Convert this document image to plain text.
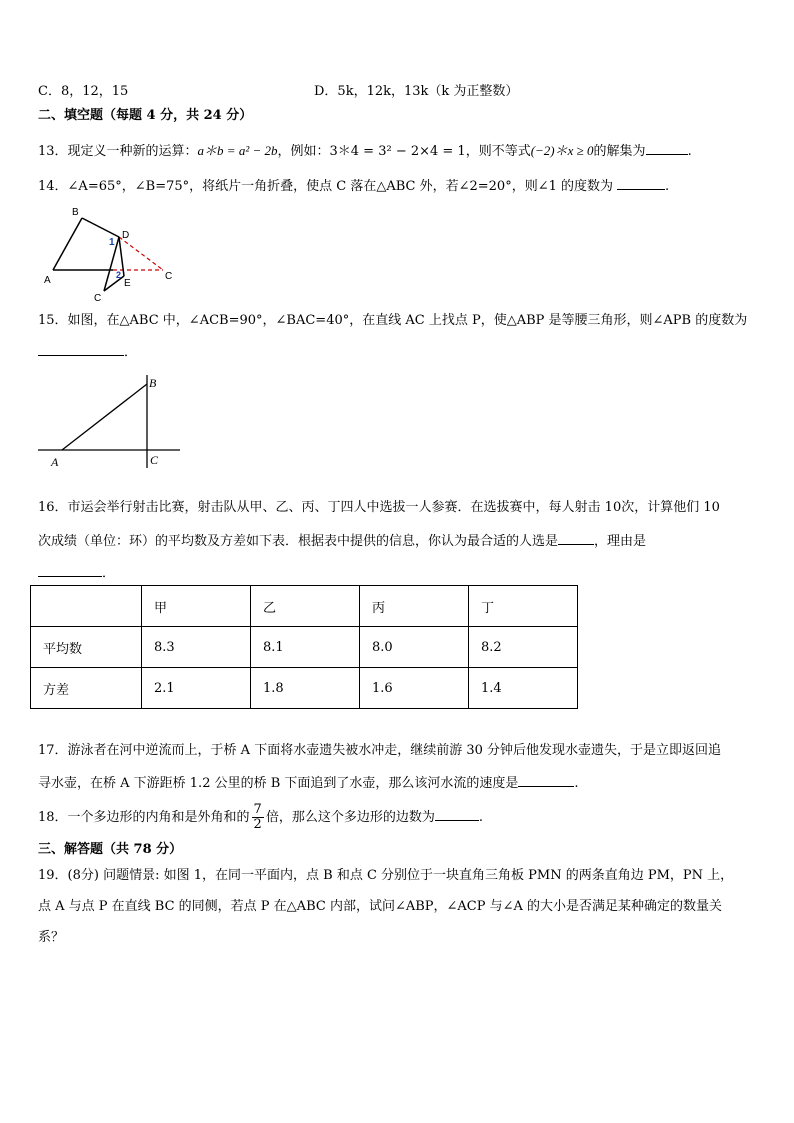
C．8，12，15	D．5k，12k，13k（k 为正整数）
二、填空题（每题 4 分，共 24 分）
13．现定义一种新的运算：a＊b = a² − 2b，例如：3＊4 = 3² − 2×4 = 1，则不等式(−2)＊x ≥ 0的解集为	.
14．∠A=65°，∠B=75°，将纸片一角折叠，使点 C 落在△ABC 外，若∠2=20°，则∠1 的度数为	.
B
D
1
2
A	E
C
C
15．如图，在△ABC 中，∠ACB=90°，∠BAC=40°，在直线 AC 上找点 P，使△ABP 是等腰三角形，则∠APB 的度数为
．
B
A	C
16．市运会举行射击比赛，射击队从甲、乙、丙、丁四人中选拔一人参赛．在选拔赛中，每人射击 10次，计算他们 10
次成绩（单位：环）的平均数及方差如下表．根据表中提供的信息，你认为最合适的人选是	，理由是
．
	甲	乙	丙	丁
平均数	8.3	8.1	8.0	8.2
方差	2.1	1.8	1.6	1.4
17．游泳者在河中逆流而上，于桥 A 下面将水壶遗失被水冲走，继续前游 30 分钟后他发现水壶遗失，于是立即返回追
寻水壶，在桥 A 下游距桥 1.2 公里的桥 B 下面追到了水壶，那么该河水流的速度是	.
18．一个多边形的内角和是外角和的 $\frac{7}{2}$ 倍，那么这个多边形的边数为	.
三、解答题（共 78 分）
19．(8分) 问题情景: 如图 1，在同一平面内，点 B 和点 C 分别位于一块直角三角板 PMN 的两条直角边 PM，PN 上，
点 A 与点 P 在直线 BC 的同侧，若点 P 在△ABC 内部，试问∠ABP，∠ACP 与∠A 的大小是否满足某种确定的数量关
系？
